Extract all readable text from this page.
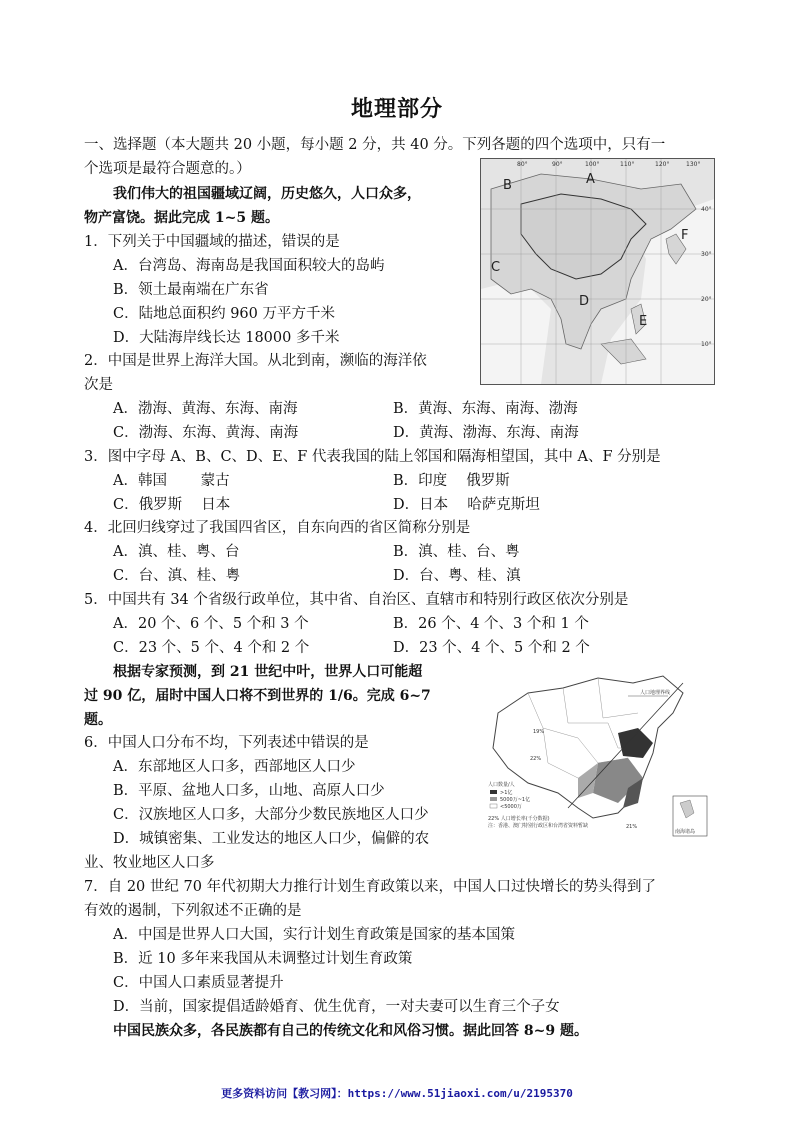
地理部分
一、选择题（本大题共 20 小题，每小题 2 分，共 40 分。下列各题的四个选项中，只有一
个选项是最符合题意的。）
我们伟大的祖国疆域辽阔，历史悠久，人口众多，
物产富饶。据此完成 1~5 题。
80°	90°	100°	110°	120°	130°
40°
30°
20°
10°
A
B
C
D
E
F
1．下列关于中国疆域的描述，错误的是
A．台湾岛、海南岛是我国面积较大的岛屿
B．领土最南端在广东省
C．陆地总面积约 960 万平方千米
D．大陆海岸线长达 18000 多千米
2．中国是世界上海洋大国。从北到南，濒临的海洋依
次是
A．渤海、黄海、东海、南海	B．黄海、东海、南海、渤海
C．渤海、东海、黄海、南海	D．黄海、渤海、东海、南海
3．图中字母 A、B、C、D、E、F 代表我国的陆上邻国和隔海相望国，其中 A、F 分别是
A．韩国　　 蒙古	B．印度　 俄罗斯
C．俄罗斯　 日本	D．日本　 哈萨克斯坦
4．北回归线穿过了我国四省区，自东向西的省区简称分别是
A．滇、桂、粤、台	B．滇、桂、台、粤
C．台、滇、桂、粤	D．台、粤、桂、滇
5．中国共有 34 个省级行政单位，其中省、自治区、直辖市和特别行政区依次分别是
A．20 个、6 个、5 个和 3 个	B．26 个、4 个、3 个和 1 个
C．23 个、5 个、4 个和 2 个	D．23 个、4 个、5 个和 2 个
根据专家预测，到 21 世纪中叶，世界人口可能超
过 90 亿，届时中国人口将不到世界的 1/6。完成 6~7
题。
人口地理界线
19%
22%
21%
人口数量/人
>1亿
5000万~1亿
<5000万
22% 人口增长率(千分数据)
注：香港、澳门特别行政区和台湾省资料暂缺
南海诸岛
6．中国人口分布不均，下列表述中错误的是
A．东部地区人口多，西部地区人口少
B．平原、盆地人口多，山地、高原人口少
C．汉族地区人口多，大部分少数民族地区人口少
D．城镇密集、工业发达的地区人口少，偏僻的农
业、牧业地区人口多
7．自 20 世纪 70 年代初期大力推行计划生育政策以来，中国人口过快增长的势头得到了
有效的遏制，下列叙述不正确的是
A．中国是世界人口大国，实行计划生育政策是国家的基本国策
B．近 10 多年来我国从未调整过计划生育政策
C．中国人口素质显著提升
D．当前，国家提倡适龄婚育、优生优育，一对夫妻可以生育三个子女
中国民族众多，各民族都有自己的传统文化和风俗习惯。据此回答 8~9 题。
更多资料访问【教习网】：https://www.51jiaoxi.com/u/2195370
